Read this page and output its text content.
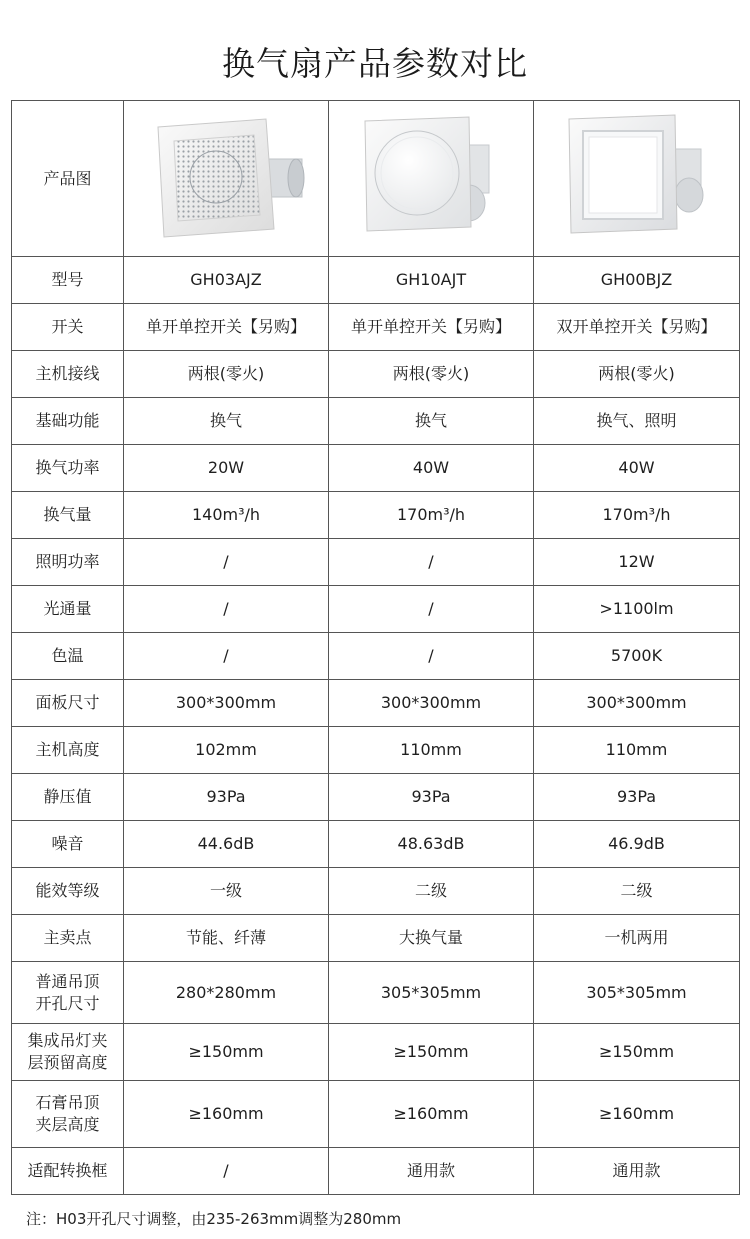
换气扇产品参数对比
产品图	

型号	GH03AJZ	GH10AJT	GH00BJZ
开关	单开单控开关【另购】	单开单控开关【另购】	双开单控开关【另购】
主机接线	两根(零火)	两根(零火)	两根(零火)
基础功能	换气	换气	换气、照明
换气功率	20W	40W	40W
换气量	140m³/h	170m³/h	170m³/h
照明功率	/	/	12W
光通量	/	/	>1100lm
色温	/	/	5700K
面板尺寸	300*300mm	300*300mm	300*300mm
主机高度	102mm	110mm	110mm
静压值	93Pa	93Pa	93Pa
噪音	44.6dB	48.63dB	46.9dB
能效等级	一级	二级	二级
主卖点	节能、纤薄	大换气量	一机两用

普通吊顶
开孔尺寸	280*280mm	305*305mm	305*305mm

集成吊灯夹
层预留高度	≥150mm	≥150mm	≥150mm

石膏吊顶
夹层高度	≥160mm	≥160mm	≥160mm
适配转换框	/	通用款	通用款
注：H03开孔尺寸调整，由235-263mm调整为280mm
